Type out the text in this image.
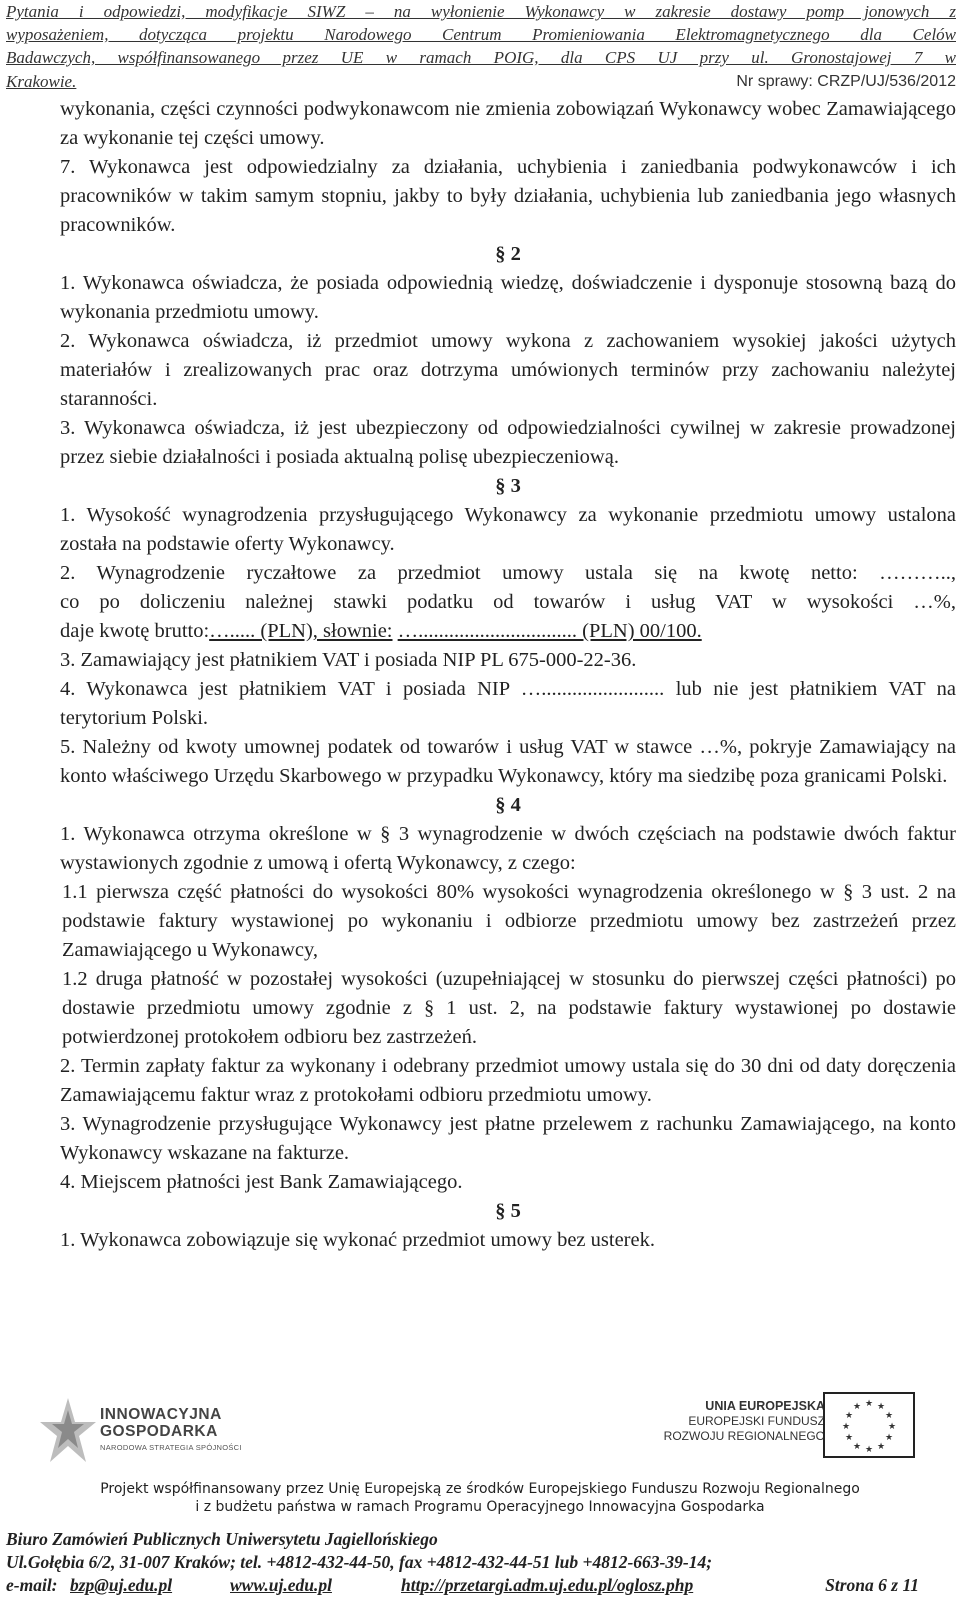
Pytania i odpowiedzi, modyfikacje SIWZ – na wyłonienie Wykonawcy w zakresie dostawy pomp jonowych z
wyposażeniem, dotycząca projektu Narodowego Centrum Promieniowania Elektromagnetycznego dla Celów
Badawczych, współfinansowanego przez UE w ramach POIG, dla CPS UJ przy ul. Gronostajowej 7 w
Krakowie.	Nr sprawy: CRZP/UJ/536/2012

wykonania, części czynności podwykonawcom nie zmienia zobowiązań Wykonawcy wobec Zamawiającego za wykonanie tej części umowy.

7. Wykonawca jest odpowiedzialny za działania, uchybienia i zaniedbania podwykonawców i ich pracowników w takim samym stopniu, jakby to były działania, uchybienia lub zaniedbania jego własnych pracowników.

§ 2

1. Wykonawca oświadcza, że posiada odpowiednią wiedzę, doświadczenie i dysponuje stosowną bazą do wykonania przedmiotu umowy.

2. Wykonawca oświadcza, iż przedmiot umowy wykona z zachowaniem wysokiej jakości użytych materiałów i zrealizowanych prac oraz dotrzyma umówionych terminów przy zachowaniu należytej staranności.

3. Wykonawca oświadcza, iż jest ubezpieczony od odpowiedzialności cywilnej w zakresie prowadzonej przez siebie działalności i posiada aktualną polisę ubezpieczeniową.

§ 3

1. Wysokość wynagrodzenia przysługującego Wykonawcy za wykonanie przedmiotu umowy ustalona została na podstawie oferty Wykonawcy.

2. Wynagrodzenie ryczałtowe za przedmiot umowy ustala się na kwotę netto: ………..,

co po doliczeniu należnej stawki podatku od towarów i usług VAT w wysokości …%,

daje kwotę brutto:…..... (PLN), słownie: …............................... (PLN) 00/100.

3. Zamawiający jest płatnikiem VAT i posiada NIP PL 675-000-22-36.

4. Wykonawca jest płatnikiem VAT i posiada NIP …........................ lub nie jest płatnikiem VAT na terytorium Polski.

5. Należny od kwoty umownej podatek od towarów i usług VAT w stawce …%, pokryje Zamawiający na konto właściwego Urzędu Skarbowego w przypadku Wykonawcy, który ma siedzibę poza granicami Polski.

§ 4

1. Wykonawca otrzyma określone w § 3 wynagrodzenie w dwóch częściach na podstawie dwóch faktur wystawionych zgodnie z umową i ofertą Wykonawcy, z czego:

1.1 pierwsza część płatności do wysokości 80% wysokości wynagrodzenia określonego w § 3 ust. 2 na podstawie faktury wystawionej po wykonaniu i odbiorze przedmiotu umowy bez zastrzeżeń przez Zamawiającego u Wykonawcy,

1.2 druga płatność w pozostałej wysokości (uzupełniającej w stosunku do pierwszej części płatności) po dostawie przedmiotu umowy zgodnie z § 1 ust. 2, na podstawie faktury wystawionej po dostawie potwierdzonej protokołem odbioru bez zastrzeżeń.

2. Termin zapłaty faktur za wykonany i odebrany przedmiot umowy ustala się do 30 dni od daty doręczenia Zamawiającemu faktur wraz z protokołami odbioru przedmiotu umowy.

3. Wynagrodzenie przysługujące Wykonawcy jest płatne przelewem z rachunku Zamawiającego, na konto Wykonawcy wskazane na fakturze.

4. Miejscem płatności jest Bank Zamawiającego.

§ 5

1. Wykonawca zobowiązuje się wykonać przedmiot umowy bez usterek.

INNOWACYJNA
GOSPODARKA
NARODOWA STRATEGIA SPÓJNOŚCI
UNIA EUROPEJSKA
EUROPEJSKI FUNDUSZ
ROZWOJU REGIONALNEGO
★ ★
★
★
★
★
★
★
★
★
★
★
Projekt współfinansowany przez Unię Europejską ze środków Europejskiego Funduszu Rozwoju Regionalnego
i z budżetu państwa w ramach Programu Operacyjnego Innowacyjna Gospodarka
Biuro Zamówień Publicznych Uniwersytetu Jagiellońskiego
Ul.Gołębia 6/2, 31-007 Kraków; tel. +4812-432-44-50, fax +4812-432-44-51 lub +4812-663-39-14;
e-mail: bzp@uj.edu.pl	www.uj.edu.pl	http://przetargi.adm.uj.edu.pl/oglosz.php	Strona 6 z 11
